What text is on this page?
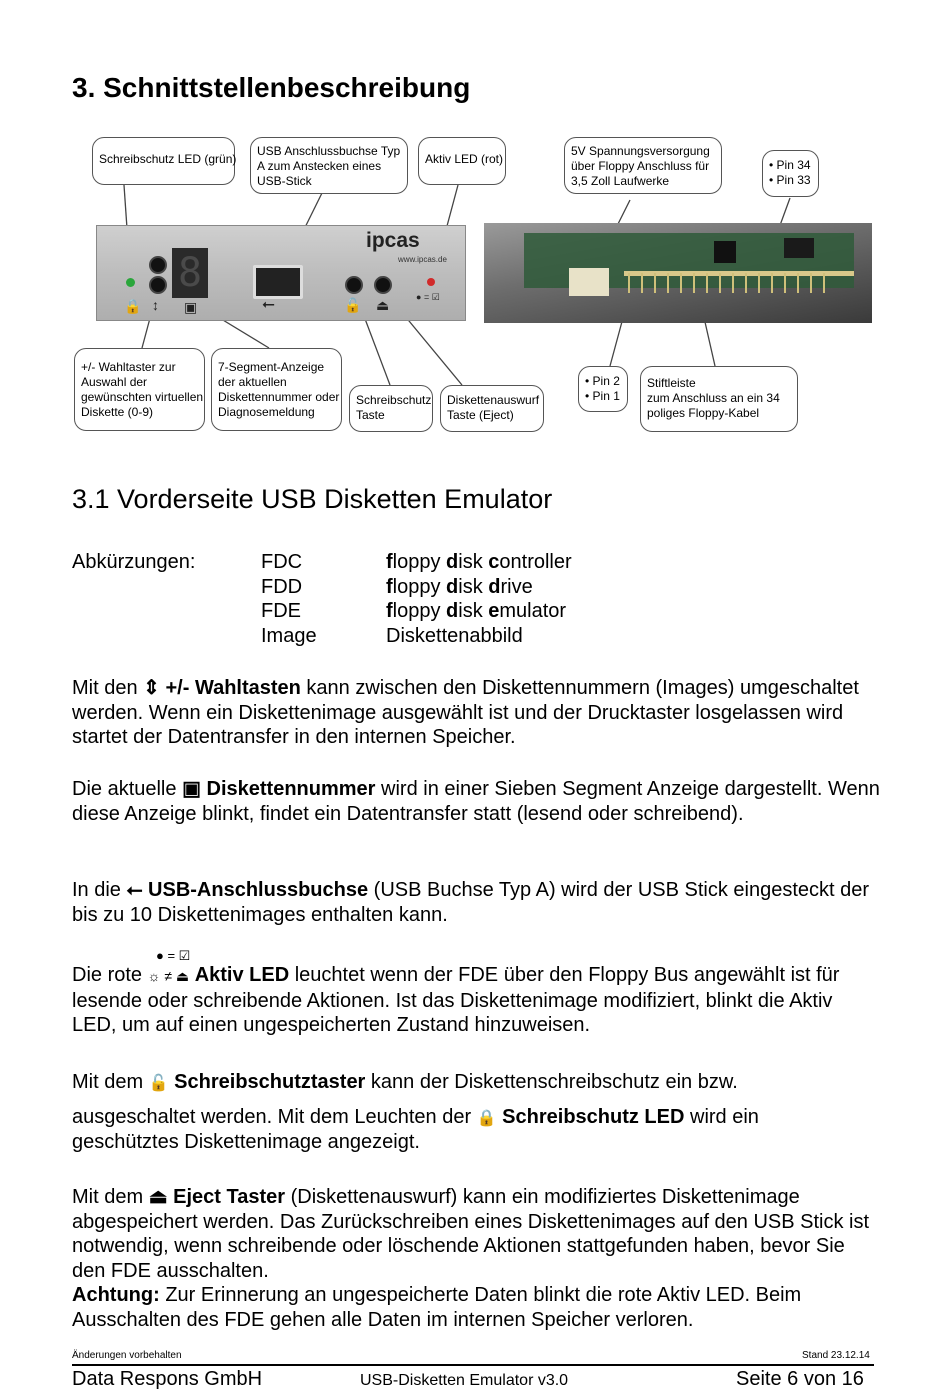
3. Schnittstellenbeschreibung
🔒 ↕
8
▣	⭠
ipcas
www.ipcas.de
🔓 ⏏	● = ☑
Schreibschutz LED (grün)
USB Anschlussbuchse Typ
A zum Anstecken eines
USB-Stick
Aktiv LED (rot)
5V Spannungsversorgung
über Floppy Anschluss für
3,5 Zoll Laufwerke
• Pin 34
• Pin 33
+/- Wahltaster zur
Auswahl der
gewünschten virtuellen
Diskette (0-9)
7-Segment-Anzeige
der aktuellen
Diskettennummer oder
Diagnosemeldung
Schreibschutz
Taste
Diskettenauswurf
Taste (Eject)
• Pin 2
• Pin 1
Stiftleiste
zum Anschluss an ein 34
poliges Floppy-Kabel
3.1 Vorderseite USB Disketten Emulator
Abkürzungen:	FDC	floppy disk controller
FDD	floppy disk drive
FDE	floppy disk emulator
Image	Diskettenabbild
Mit den ⇕ +/- Wahltasten kann zwischen den Diskettennummern (Images) umgeschaltet werden. Wenn ein Diskettenimage ausgewählt ist und der Drucktaster losgelassen wird startet der Datentransfer in den internen Speicher.
Die aktuelle ▣ Diskettennummer wird in einer Sieben Segment Anzeige dargestellt. Wenn diese Anzeige blinkt, findet ein Datentransfer statt (lesend oder schreibend).
In die ⭠ USB-Anschlussbuchse (USB Buchse Typ A) wird der USB Stick eingesteckt der bis zu 10 Diskettenimages enthalten kann.
● = ☑
Die rote ☼ ≠ ⏏ Aktiv LED leuchtet wenn der FDE über den Floppy Bus angewählt ist für lesende oder schreibende Aktionen. Ist das Diskettenimage modifiziert, blinkt die Aktiv LED, um auf einen ungespeicherten Zustand hinzuweisen.
Mit dem 🔓 Schreibschutztaster kann der Diskettenschreibschutz ein bzw.
ausgeschaltet werden. Mit dem Leuchten der 🔒 Schreibschutz LED wird ein
geschütztes Diskettenimage angezeigt.
Mit dem ⏏ Eject Taster (Diskettenauswurf) kann ein modifiziertes Diskettenimage abgespeichert werden. Das Zurückschreiben eines Diskettenimages auf den USB Stick ist notwendig, wenn schreibende oder löschende Aktionen stattgefunden haben, bevor Sie den FDE ausschalten.
Achtung: Zur Erinnerung an ungespeicherte Daten blinkt die rote Aktiv LED. Beim Ausschalten des FDE gehen alle Daten im internen Speicher verloren.
Änderungen vorbehalten	Stand 23.12.14
Data Respons GmbH	USB-Disketten Emulator v3.0	Seite 6 von 16
